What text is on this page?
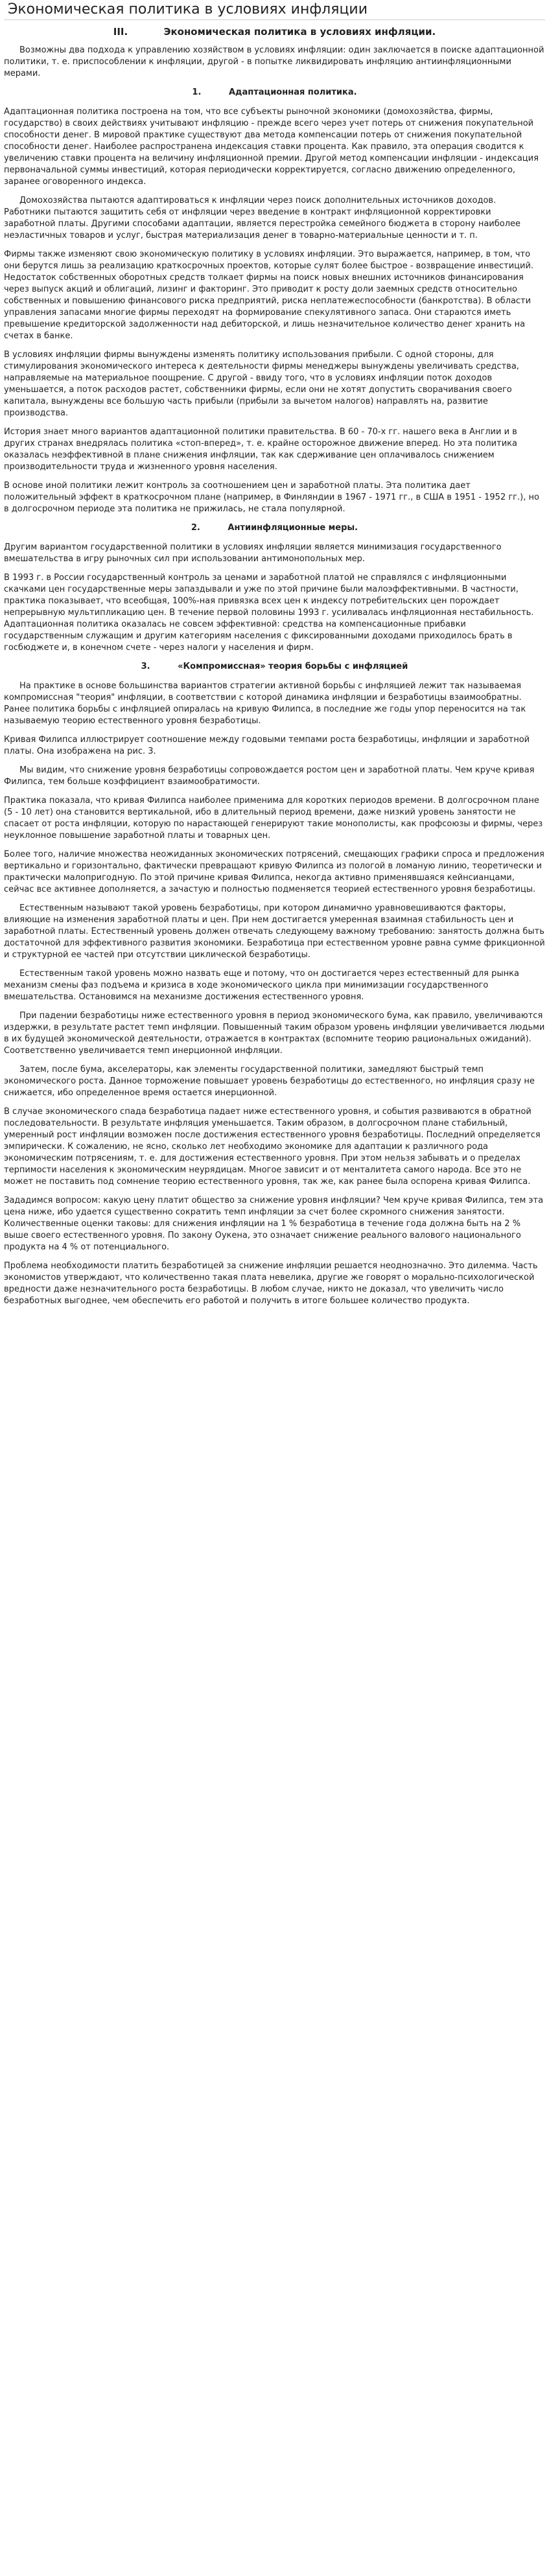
Экономическая политика в условиях инфляции
III.	Экономическая политика в условиях инфляции.

Возможны два подхода к управлению хозяйством в условиях инфляции: один заключается в поиске адаптационной политики, т. е. приспособлении к инфляции, другой - в попытке ликвидировать инфляцию антиинфляционными мерами.

1.	Адаптационная политика.

Адаптационная политика построена на том, что все субъекты рыночной экономики (домохозяйства, фирмы, государство) в своих действиях учитывают инфляцию - прежде всего через учет потерь от снижения покупательной способности денег. В мировой практике существуют два метода компенсации потерь от снижения покупательной способности денег. Наиболее распространена индексация ставки процента. Как правило, эта операция сводится к увеличению ставки процента на величину инфляционной премии. Другой метод компенсации инфляции - индексация первоначальной суммы инвестиций, которая периодически корректируется, согласно движению определенного, заранее оговоренного индекса.

Домохозяйства пытаются адаптироваться к инфляции через поиск дополнительных источников доходов. Работники пытаются защитить себя от инфляции через введение в контракт инфляционной корректировки заработной платы. Другими способами адаптации, является перестройка семейного бюджета в сторону наиболее неэластичных товаров и услуг, быстрая материализация денег в товарно-материальные ценности и т. п.

Фирмы также изменяют свою экономическую политику в условиях инфляции. Это выражается, например, в том, что они берутся лишь за реализацию краткосрочных проектов, которые сулят более быстрое - возвращение инвестиций. Недостаток собственных оборотных средств толкает фирмы на поиск новых внешних источников финансирования через выпуск акций и облигаций, лизинг и факторинг. Это приводит к росту доли заемных средств относительно собственных и повышению финансового риска предприятий, риска неплатежеспособности (банкротства). В области управления запасами многие фирмы переходят на формирование спекулятивного запаса. Они стараются иметь превышение кредиторской задолженности над дебиторской, и лишь незначительное количество денег хранить на счетах в банке.

В условиях инфляции фирмы вынуждены изменять политику использования прибыли. С одной стороны, для стимулирования экономического интереса к деятельности фирмы менеджеры вынуждены увеличивать средства, направляемые на материальное поощрение. С другой - ввиду того, что в условиях инфляции поток доходов уменьшается, а поток расходов растет, собственники фирмы, если они не хотят допустить сворачивания своего капитала, вынуждены все большую часть прибыли (прибыли за вычетом налогов) направлять на, развитие производства.

История знает много вариантов адаптационной политики правительства. В 60 - 70-х гг. нашего века в Англии и в других странах внедрялась политика «стоп-вперед», т. е. крайне осторожное движение вперед. Но эта политика оказалась неэффективной в плане снижения инфляции, так как сдерживание цен оплачивалось снижением производительности труда и жизненного уровня населения.

В основе иной политики лежит контроль за соотношением цен и заработной платы. Эта политика дает положительный эффект в краткосрочном плане (например, в Финляндии в 1967 - 1971 гг., в США в 1951 - 1952 гг.), но в долгосрочном периоде эта политика не прижилась, не стала популярной.

2.	Антиинфляционные меры.

Другим вариантом государственной политики в условиях инфляции является минимизация государственного вмешательства в игру рыночных сил при использовании антимонопольных мер.

В 1993 г. в России государственный контроль за ценами и заработной платой не справлялся с инфляционными скачками цен государственные меры запаздывали и уже по этой причине были малоэффективными. В частности, практика показывает, что всеобщая, 100%-ная привязка всех цен к индексу потребительских цен порождает непрерывную мультипликацию цен. В течение первой половины 1993 г. усиливалась инфляционная нестабильность. Адаптационная политика оказалась не совсем эффективной: средства на компенсационные прибавки государственным служащим и другим категориям населения с фиксированными доходами приходилось брать в госбюджете и, в конечном счете - через налоги у населения и фирм.

3.	«Компромиссная» теория борьбы с инфляцией

На практике в основе большинства вариантов стратегии активной борьбы с инфляцией лежит так называемая компромиссная "теория" инфляции, в соответствии с которой динамика инфляции и безработицы взаимообратны. Ранее политика борьбы с инфляцией опиралась на кривую Филипса, в последние же годы упор переносится на так называемую теорию естественного уровня безработицы.

Кривая Филипса иллюстрирует соотношение между годовыми темпами роста безработицы, инфляции и заработной платы. Она изображена на рис. 3.

Мы видим, что снижение уровня безработицы сопровождается ростом цен и заработной платы. Чем круче кривая Филипса, тем больше коэффициент взаимообратимости.

Практика показала, что кривая Филипса наиболее применима для коротких периодов времени. В долгосрочном плане (5 - 10 лет) она становится вертикальной, ибо в длительный период времени, даже низкий уровень занятости не спасает от роста инфляции, которую по нарастающей генерируют такие монополисты, как профсоюзы и фирмы, через неуклонное повышение заработной платы и товарных цен.

Более того, наличие множества неожиданных экономических потрясений, смещающих графики спроса и предложения вертикально и горизонтально, фактически превращают кривую Филипса из пологой в ломаную линию, теоретически и практически малопригодную. По этой причине кривая Филипса, некогда активно применявшаяся кейнсианцами, сейчас все активнее дополняется, а зачастую и полностью подменяется теорией естественного уровня безработицы.

Естественным называют такой уровень безработицы, при котором динамично уравновешиваются факторы, влияющие на изменения заработной платы и цен. При нем достигается умеренная взаимная стабильность цен и заработной платы. Естественный уровень должен отвечать следующему важному требованию: занятость должна быть достаточной для эффективного развития экономики. Безработица при естественном уровне равна сумме фрикционной и структурной ее частей при отсутствии циклической безработицы.

Естественным такой уровень можно назвать еще и потому, что он достигается через естественный для рынка механизм смены фаз подъема и кризиса в ходе экономического цикла при минимизации государственного вмешательства. Остановимся на механизме достижения естественного уровня.

При падении безработицы ниже естественного уровня в период экономического бума, как правило, увеличиваются издержки, в результате растет темп инфляции. Повышенный таким образом уровень инфляции увеличивается людьми в их будущей экономической деятельности, отражается в контрактах (вспомните теорию рациональных ожиданий). Соответственно увеличивается темп инерционной инфляции.

Затем, после бума, акселераторы, как элементы государственной политики, замедляют быстрый темп экономического роста. Данное торможение повышает уровень безработицы до естественного, но инфляция сразу не снижается, ибо определенное время остается инерционной.

В случае экономического спада безработица падает ниже естественного уровня, и события развиваются в обратной последовательности. В результате инфляция уменьшается. Таким образом, в долгосрочном плане стабильный, умеренный рост инфляции возможен после достижения естественного уровня безработицы. Последний определяется эмпирически. К сожалению, не ясно, сколько лет необходимо экономике для адаптации к различного рода экономическим потрясениям, т. е. для достижения естественного уровня. При этом нельзя забывать и о пределах терпимости населения к экономическим неурядицам. Многое зависит и от менталитета самого народа. Все это не может не поставить под сомнение теорию естественного уровня, так же, как ранее была оспорена кривая Филипса.

Зададимся вопросом: какую цену платит общество за снижение уровня инфляции? Чем круче кривая Филипса, тем эта цена ниже, ибо удается существенно сократить темп инфляции за счет более скромного снижения занятости. Количественные оценки таковы: для снижения инфляции на 1 % безработица в течение года должна быть на 2 % выше своего естественного уровня. По закону Оукена, это означает снижение реального валового национального продукта на 4 % от потенциального.

Проблема необходимости платить безработицей за снижение инфляции решается неоднозначно. Это дилемма. Часть экономистов утверждают, что количественно такая плата невелика, другие же говорят о морально-психологической вредности даже незначительного роста безработицы. В любом случае, никто не доказал, что увеличить число безработных выгоднее, чем обеспечить его работой и получить в итоге большее количество продукта.
